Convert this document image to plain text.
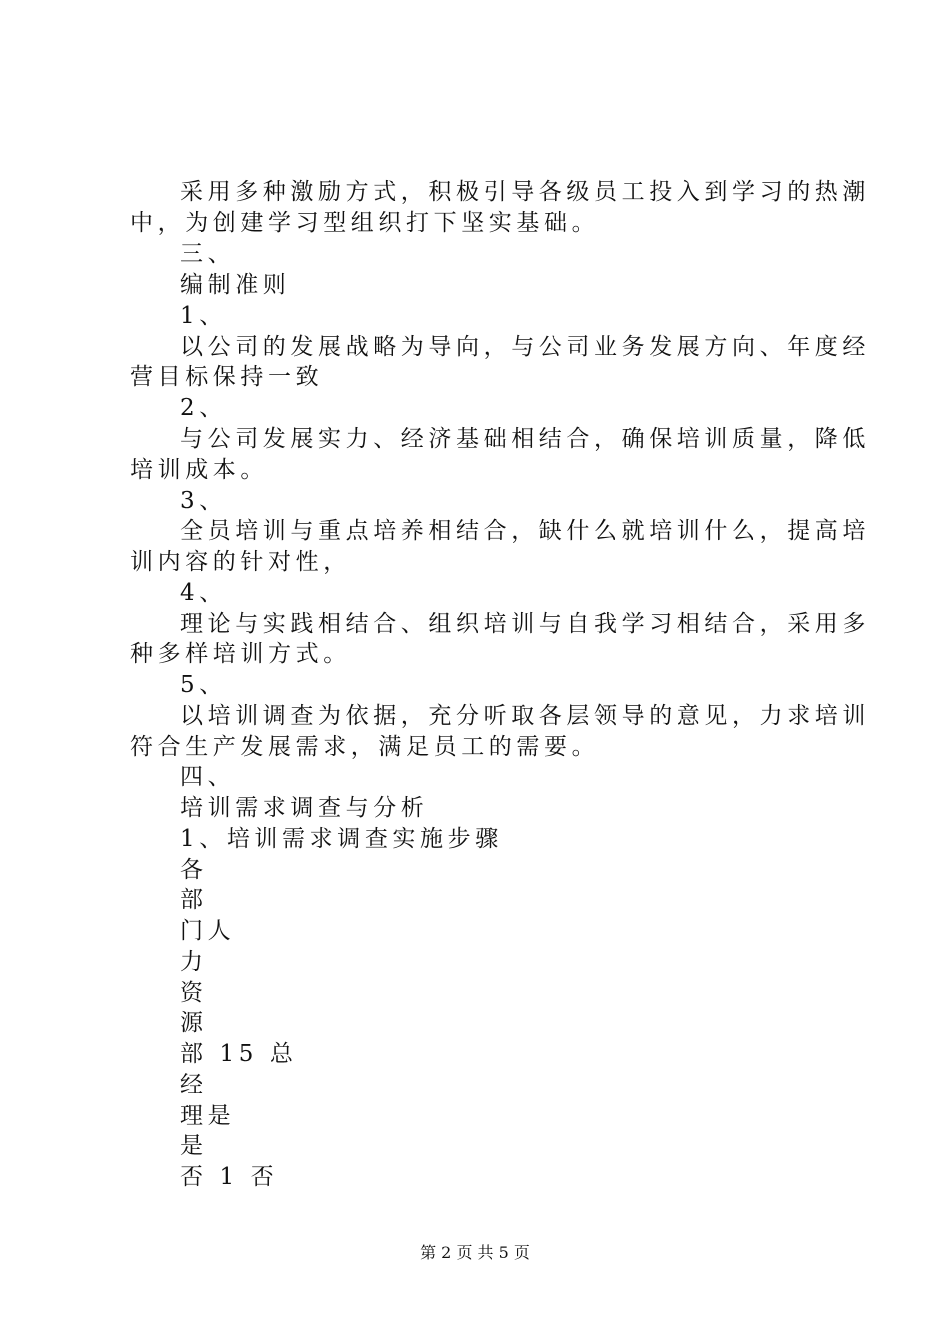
采用多种激励方式，积极引导各级员工投入到学习的热潮
中，为创建学习型组织打下坚实基础。
三、
编制准则
1、
以公司的发展战略为导向，与公司业务发展方向、年度经
营目标保持一致
2、
与公司发展实力、经济基础相结合，确保培训质量，降低
培训成本。
3、
全员培训与重点培养相结合，缺什么就培训什么，提高培
训内容的针对性，
4、
理论与实践相结合、组织培训与自我学习相结合，采用多
种多样培训方式。
5、
以培训调查为依据，充分听取各层领导的意见，力求培训
符合生产发展需求，满足员工的需要。
四、
培训需求调查与分析
1、培训需求调查实施步骤
各
部
门人
力
资
源
部 15 总
经
理是
是
否 1 否
第 2 页 共 5 页
